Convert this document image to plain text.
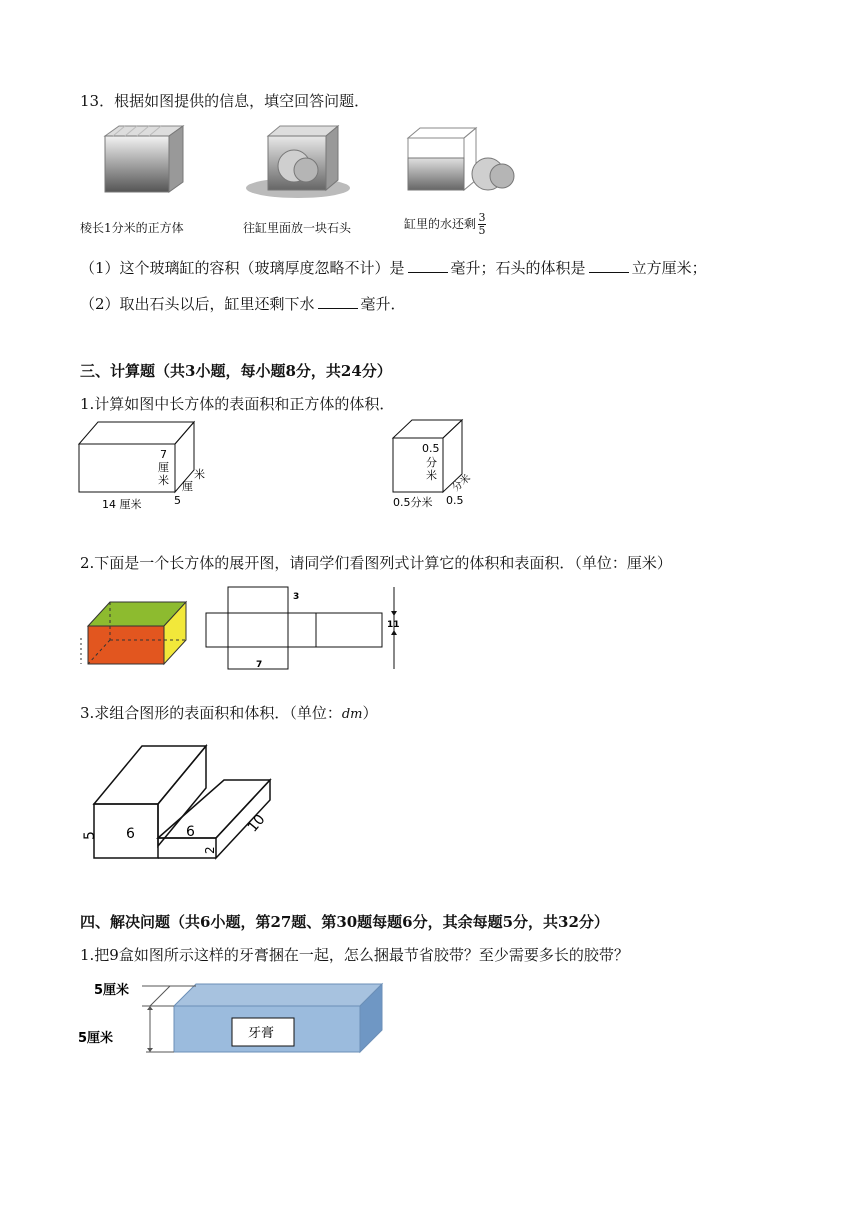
13．根据如图提供的信息，填空回答问题．
棱长1分米的正方体	往缸里面放一块石头	缸里的水还剩 $\frac{3}{5}$
（1）这个玻璃缸的容积（玻璃厚度忽略不计）是	毫升；石头的体积是	立方厘米；
（2）取出石头以后，缸里还剩下水	毫升．
三、计算题（共3小题，每小题8分，共24分）
1.计算如图中长方体的表面积和正方体的体积．
7
厘
米
5
厘
米
14 厘米
0.5
分
米
0.5分米 0.5
分米
2.下面是一个长方体的展开图，请同学们看图列式计算它的体积和表面积．（单位：厘米）
3
11
7
3.求组合图形的表面积和体积．（单位：dm）
6
5	6
2
10
四、解决问题（共6小题，第27题、第30题每题6分，其余每题5分，共32分）
1.把9盒如图所示这样的牙膏捆在一起，怎么捆最节省胶带？至少需要多长的胶带？
牙膏
5厘米
5厘米
